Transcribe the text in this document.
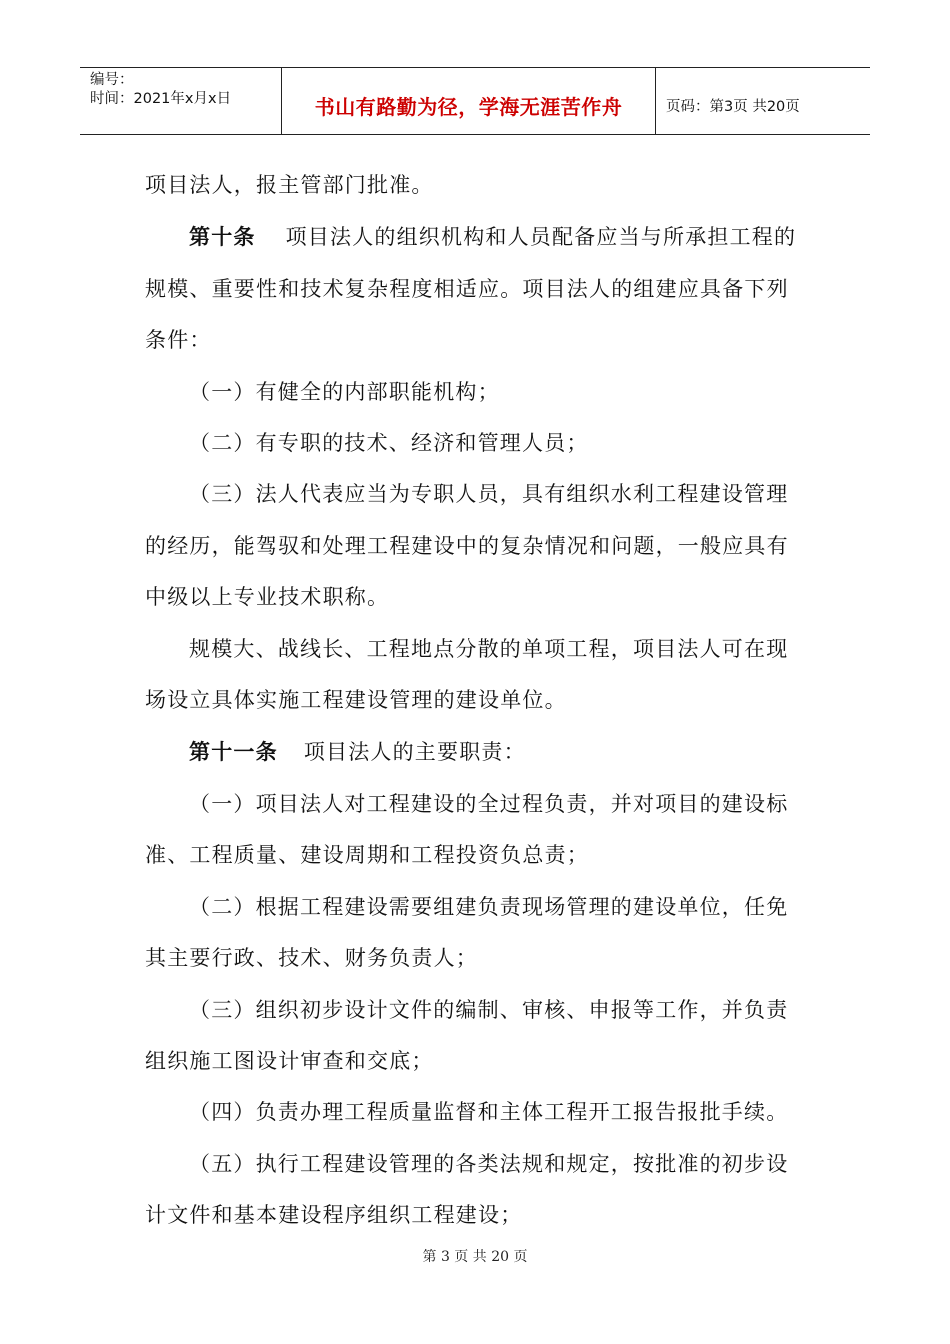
编号：
时间：2021年x月x日	书山有路勤为径，学海无涯苦作舟	页码：第3页 共20页

项目法人，报主管部门批准。

第十条 项目法人的组织机构和人员配备应当与所承担工程的

规模、重要性和技术复杂程度相适应。项目法人的组建应具备下列

条件：

（一）有健全的内部职能机构；

（二）有专职的技术、经济和管理人员；

（三）法人代表应当为专职人员，具有组织水利工程建设管理

的经历，能驾驭和处理工程建设中的复杂情况和问题，一般应具有

中级以上专业技术职称。

规模大、战线长、工程地点分散的单项工程，项目法人可在现

场设立具体实施工程建设管理的建设单位。

第十一条 项目法人的主要职责：

（一）项目法人对工程建设的全过程负责，并对项目的建设标

准、工程质量、建设周期和工程投资负总责；

（二）根据工程建设需要组建负责现场管理的建设单位，任免

其主要行政、技术、财务负责人；

（三）组织初步设计文件的编制、审核、申报等工作，并负责

组织施工图设计审查和交底；

（四）负责办理工程质量监督和主体工程开工报告报批手续。

（五）执行工程建设管理的各类法规和规定，按批准的初步设

计文件和基本建设程序组织工程建设；

第 3 页 共 20 页
